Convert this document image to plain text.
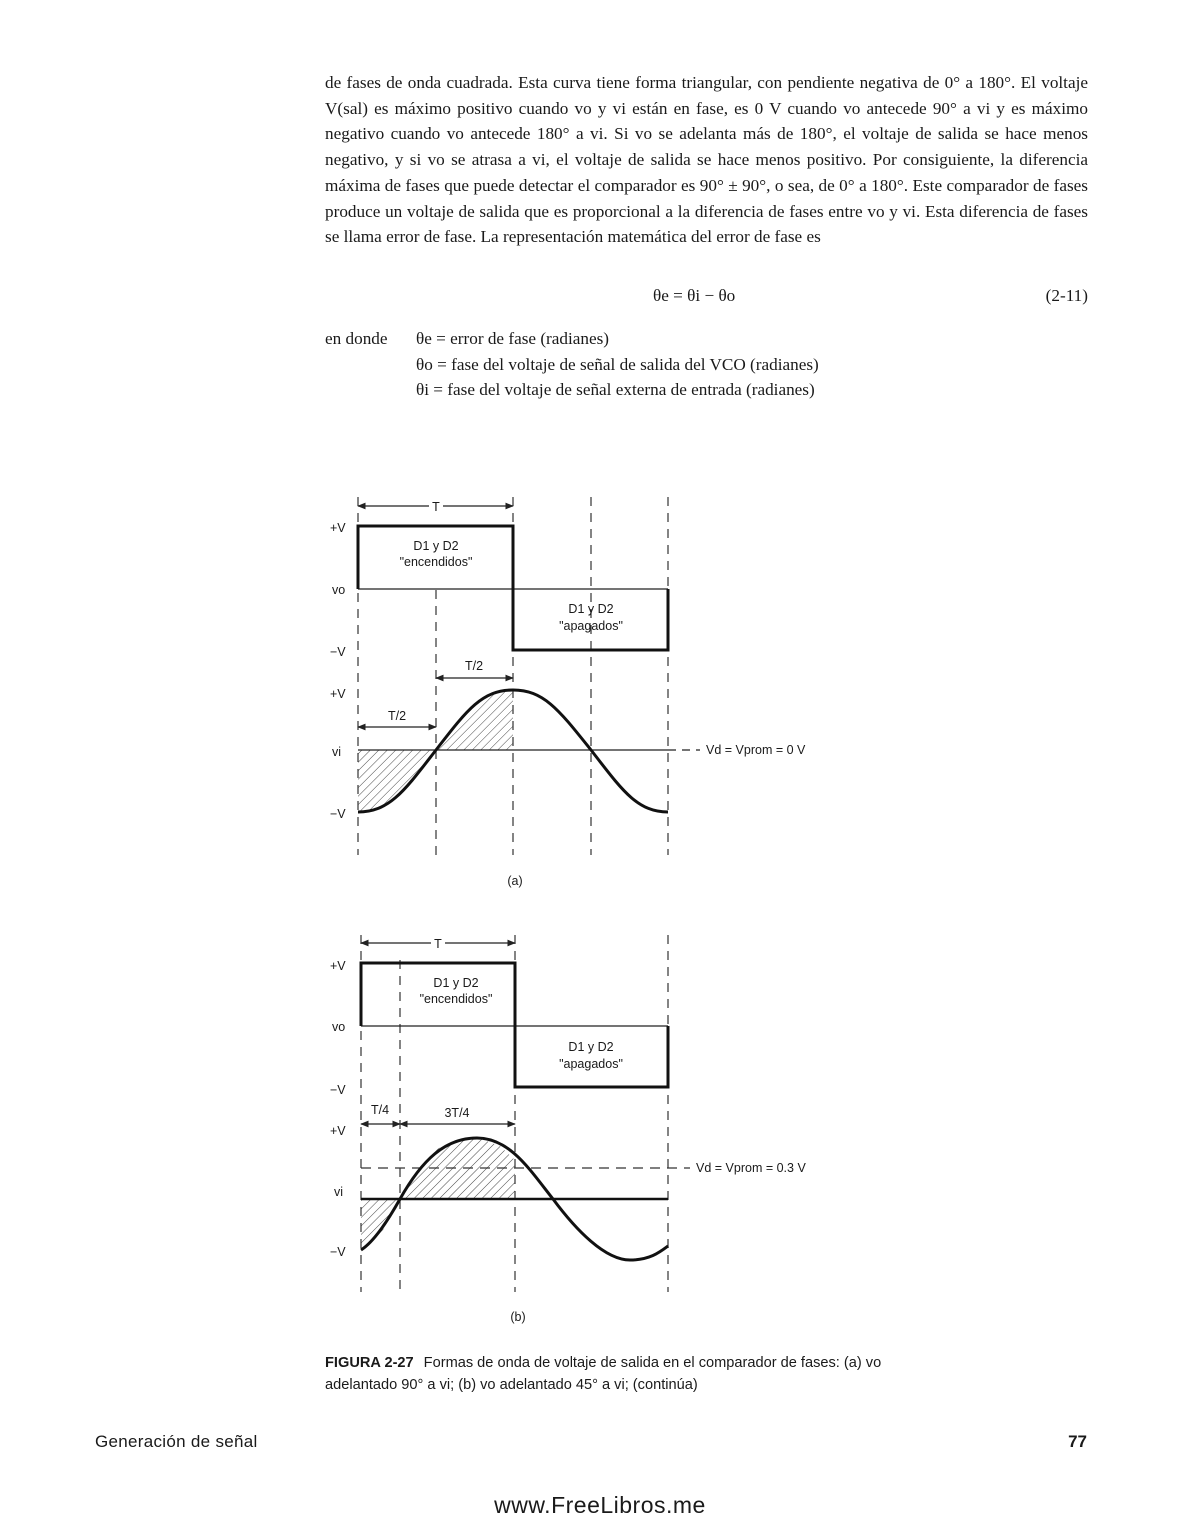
de fases de onda cuadrada. Esta curva tiene forma triangular, con pendiente negativa de 0° a 180°. El voltaje V(sal) es máximo positivo cuando vo y vi están en fase, es 0 V cuando vo antecede 90° a vi y es máximo negativo cuando vo antecede 180° a vi. Si vo se adelanta más de 180°, el voltaje de salida se hace menos negativo, y si vo se atrasa a vi, el voltaje de salida se hace menos positivo. Por consiguiente, la diferencia máxima de fases que puede detectar el comparador es 90° ± 90°, o sea, de 0° a 180°. Este comparador de fases produce un voltaje de salida que es proporcional a la diferencia de fases entre vo y vi. Esta diferencia de fases se llama error de fase. La representación matemática del error de fase es

θe = θi − θo	(2-11)
en donde θe = error de fase (radianes)
θo = fase del voltaje de señal de salida del VCO (radianes)
θi = fase del voltaje de señal externa de entrada (radianes)
T
+V
vo
−V
D1 y D2
"encendidos"
D1 y D2
"apagados"
T/2
T/2
Vd = Vprom = 0 V
+V
vi
−V
(a)
T
+V
vo
−V
D1 y D2
"encendidos"
D1 y D2
"apagados"
T/4	3T/4
Vd = Vprom = 0.3 V
+V
vi
−V
(b)
FIGURA 2-27 Formas de onda de voltaje de salida en el comparador de fases: (a) vo adelantado 90° a vi; (b) vo adelantado 45° a vi; (continúa)
Generación de señal	77
www.FreeLibros.me
